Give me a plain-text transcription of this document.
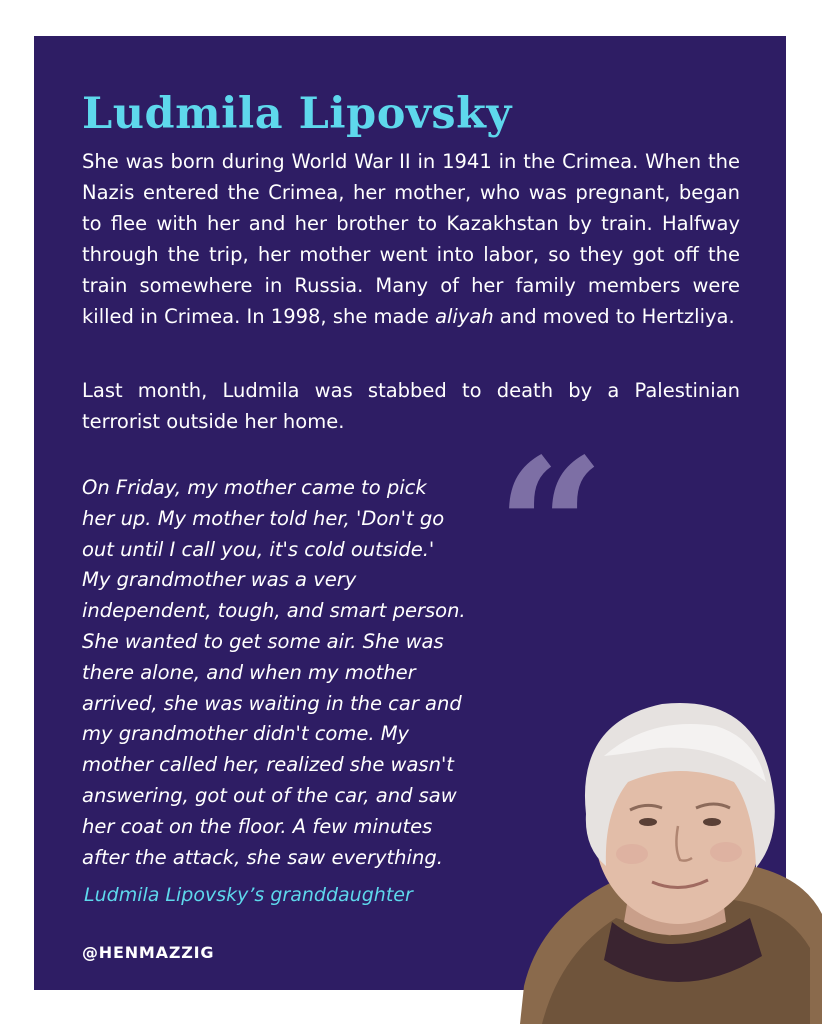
Ludmila Lipovsky

She was born during World War II in 1941 in the Crimea. When the Nazis entered the Crimea, her mother, who was pregnant, began to flee with her and her brother to Kazakhstan by train. Halfway through the trip, her mother went into labor, so they got off the train somewhere in Russia. Many of her family members were killed in Crimea. In 1998, she made aliyah and moved to Hertzliya.

Last month, Ludmila was stabbed to death by a Palestinian terrorist outside her home. “

On Friday, my mother came to pick
her up. My mother told her, 'Don't go
out until I call you, it's cold outside.'
My grandmother was a very
independent, tough, and smart person.
She wanted to get some air. She was
there alone, and when my mother
arrived, she was waiting in the car and
my grandmother didn't come. My
mother called her, realized she wasn't
answering, got out of the car, and saw
her coat on the floor. A few minutes
after the attack, she saw everything.

Ludmila Lipovsky’s granddaughter
@HENMAZZIG
